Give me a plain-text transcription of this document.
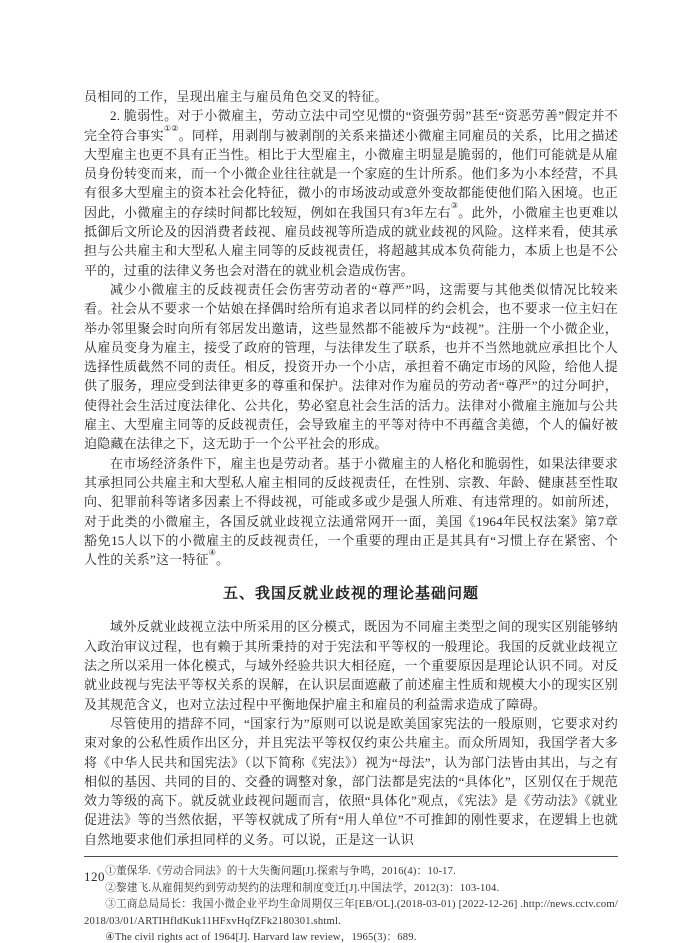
员相同的工作，呈现出雇主与雇员角色交叉的特征。

2. 脆弱性。对于小微雇主，劳动立法中司空见惯的“资强劳弱”甚至“资恶劳善”假定并不完全符合事实①②。同样，用剥削与被剥削的关系来描述小微雇主同雇员的关系，比用之描述大型雇主也更不具有正当性。相比于大型雇主，小微雇主明显是脆弱的，他们可能就是从雇员身份转变而来，而一个小微企业往往就是一个家庭的生计所系。他们多为小本经营，不具有很多大型雇主的资本社会化特征，微小的市场波动或意外变故都能使他们陷入困境。也正因此，小微雇主的存续时间都比较短，例如在我国只有3年左右③。此外，小微雇主也更难以抵御后文所论及的因消费者歧视、雇员歧视等所造成的就业歧视的风险。这样来看，使其承担与公共雇主和大型私人雇主同等的反歧视责任，将超越其成本负荷能力，本质上也是不公平的，过重的法律义务也会对潜在的就业机会造成伤害。

减少小微雇主的反歧视责任会伤害劳动者的“尊严”吗，这需要与其他类似情况比较来看。社会从不要求一个姑娘在择偶时给所有追求者以同样的约会机会，也不要求一位主妇在举办邻里聚会时向所有邻居发出邀请，这些显然都不能被斥为“歧视”。注册一个小微企业，从雇员变身为雇主，接受了政府的管理，与法律发生了联系，也并不当然地就应承担比个人选择性质截然不同的责任。相反，投资开办一个小店，承担着不确定市场的风险，给他人提供了服务，理应受到法律更多的尊重和保护。法律对作为雇员的劳动者“尊严”的过分呵护，使得社会生活过度法律化、公共化，势必窒息社会生活的活力。法律对小微雇主施加与公共雇主、大型雇主同等的反歧视责任，会导致雇主的平等对待中不再蕴含美德，个人的偏好被迫隐藏在法律之下，这无助于一个公平社会的形成。

在市场经济条件下，雇主也是劳动者。基于小微雇主的人格化和脆弱性，如果法律要求其承担同公共雇主和大型私人雇主相同的反歧视责任，在性别、宗教、年龄、健康甚至性取向、犯罪前科等诸多因素上不得歧视，可能或多或少是强人所难、有违常理的。如前所述，对于此类的小微雇主，各国反就业歧视立法通常网开一面，美国《1964年民权法案》第7章豁免15人以下的小微雇主的反歧视责任，一个重要的理由正是其具有“习惯上存在紧密、个人性的关系”这一特征④。

五、我国反就业歧视的理论基础问题

域外反就业歧视立法中所采用的区分模式，既因为不同雇主类型之间的现实区别能够纳入政治审议过程，也有赖于其所秉持的对于宪法和平等权的一般理论。我国的反就业歧视立法之所以采用一体化模式，与域外经验共识大相径庭，一个重要原因是理论认识不同。对反就业歧视与宪法平等权关系的误解，在认识层面遮蔽了前述雇主性质和规模大小的现实区别及其规范含义，也对立法过程中平衡地保护雇主和雇员的利益需求造成了障碍。

尽管使用的措辞不同，“国家行为”原则可以说是欧美国家宪法的一般原则，它要求对约束对象的公私性质作出区分，并且宪法平等权仅约束公共雇主。而众所周知，我国学者大多将《中华人民共和国宪法》（以下简称《宪法》）视为“母法”，认为部门法皆由其出，与之有相似的基因、共同的目的、交叠的调整对象，部门法都是宪法的“具体化”，区别仅在于规范效力等级的高下。就反就业歧视问题而言，依照“具体化”观点，《宪法》是《劳动法》《就业促进法》等的当然依据，平等权就成了所有“用人单位”不可推卸的刚性要求，在逻辑上也就自然地要求他们承担同样的义务。可以说，正是这一认识

①董保华.《劳动合同法》的十大失衡问题[J].探索与争鸣，2016(4)：10-17.

②黎建飞.从雇佣契约到劳动契约的法理和制度变迁[J].中国法学，2012(3)：103-104.

③工商总局局长：我国小微企业平均生命周期仅三年[EB/OL].(2018-03-01) [2022-12-26] .http://news.cctv.com/2018/03/01/ARTIHfldKuk11HFxvHqfZFk2180301.shtml.

④The civil rights act of 1964[J]. Harvard law review，1965(3)：689.

120
